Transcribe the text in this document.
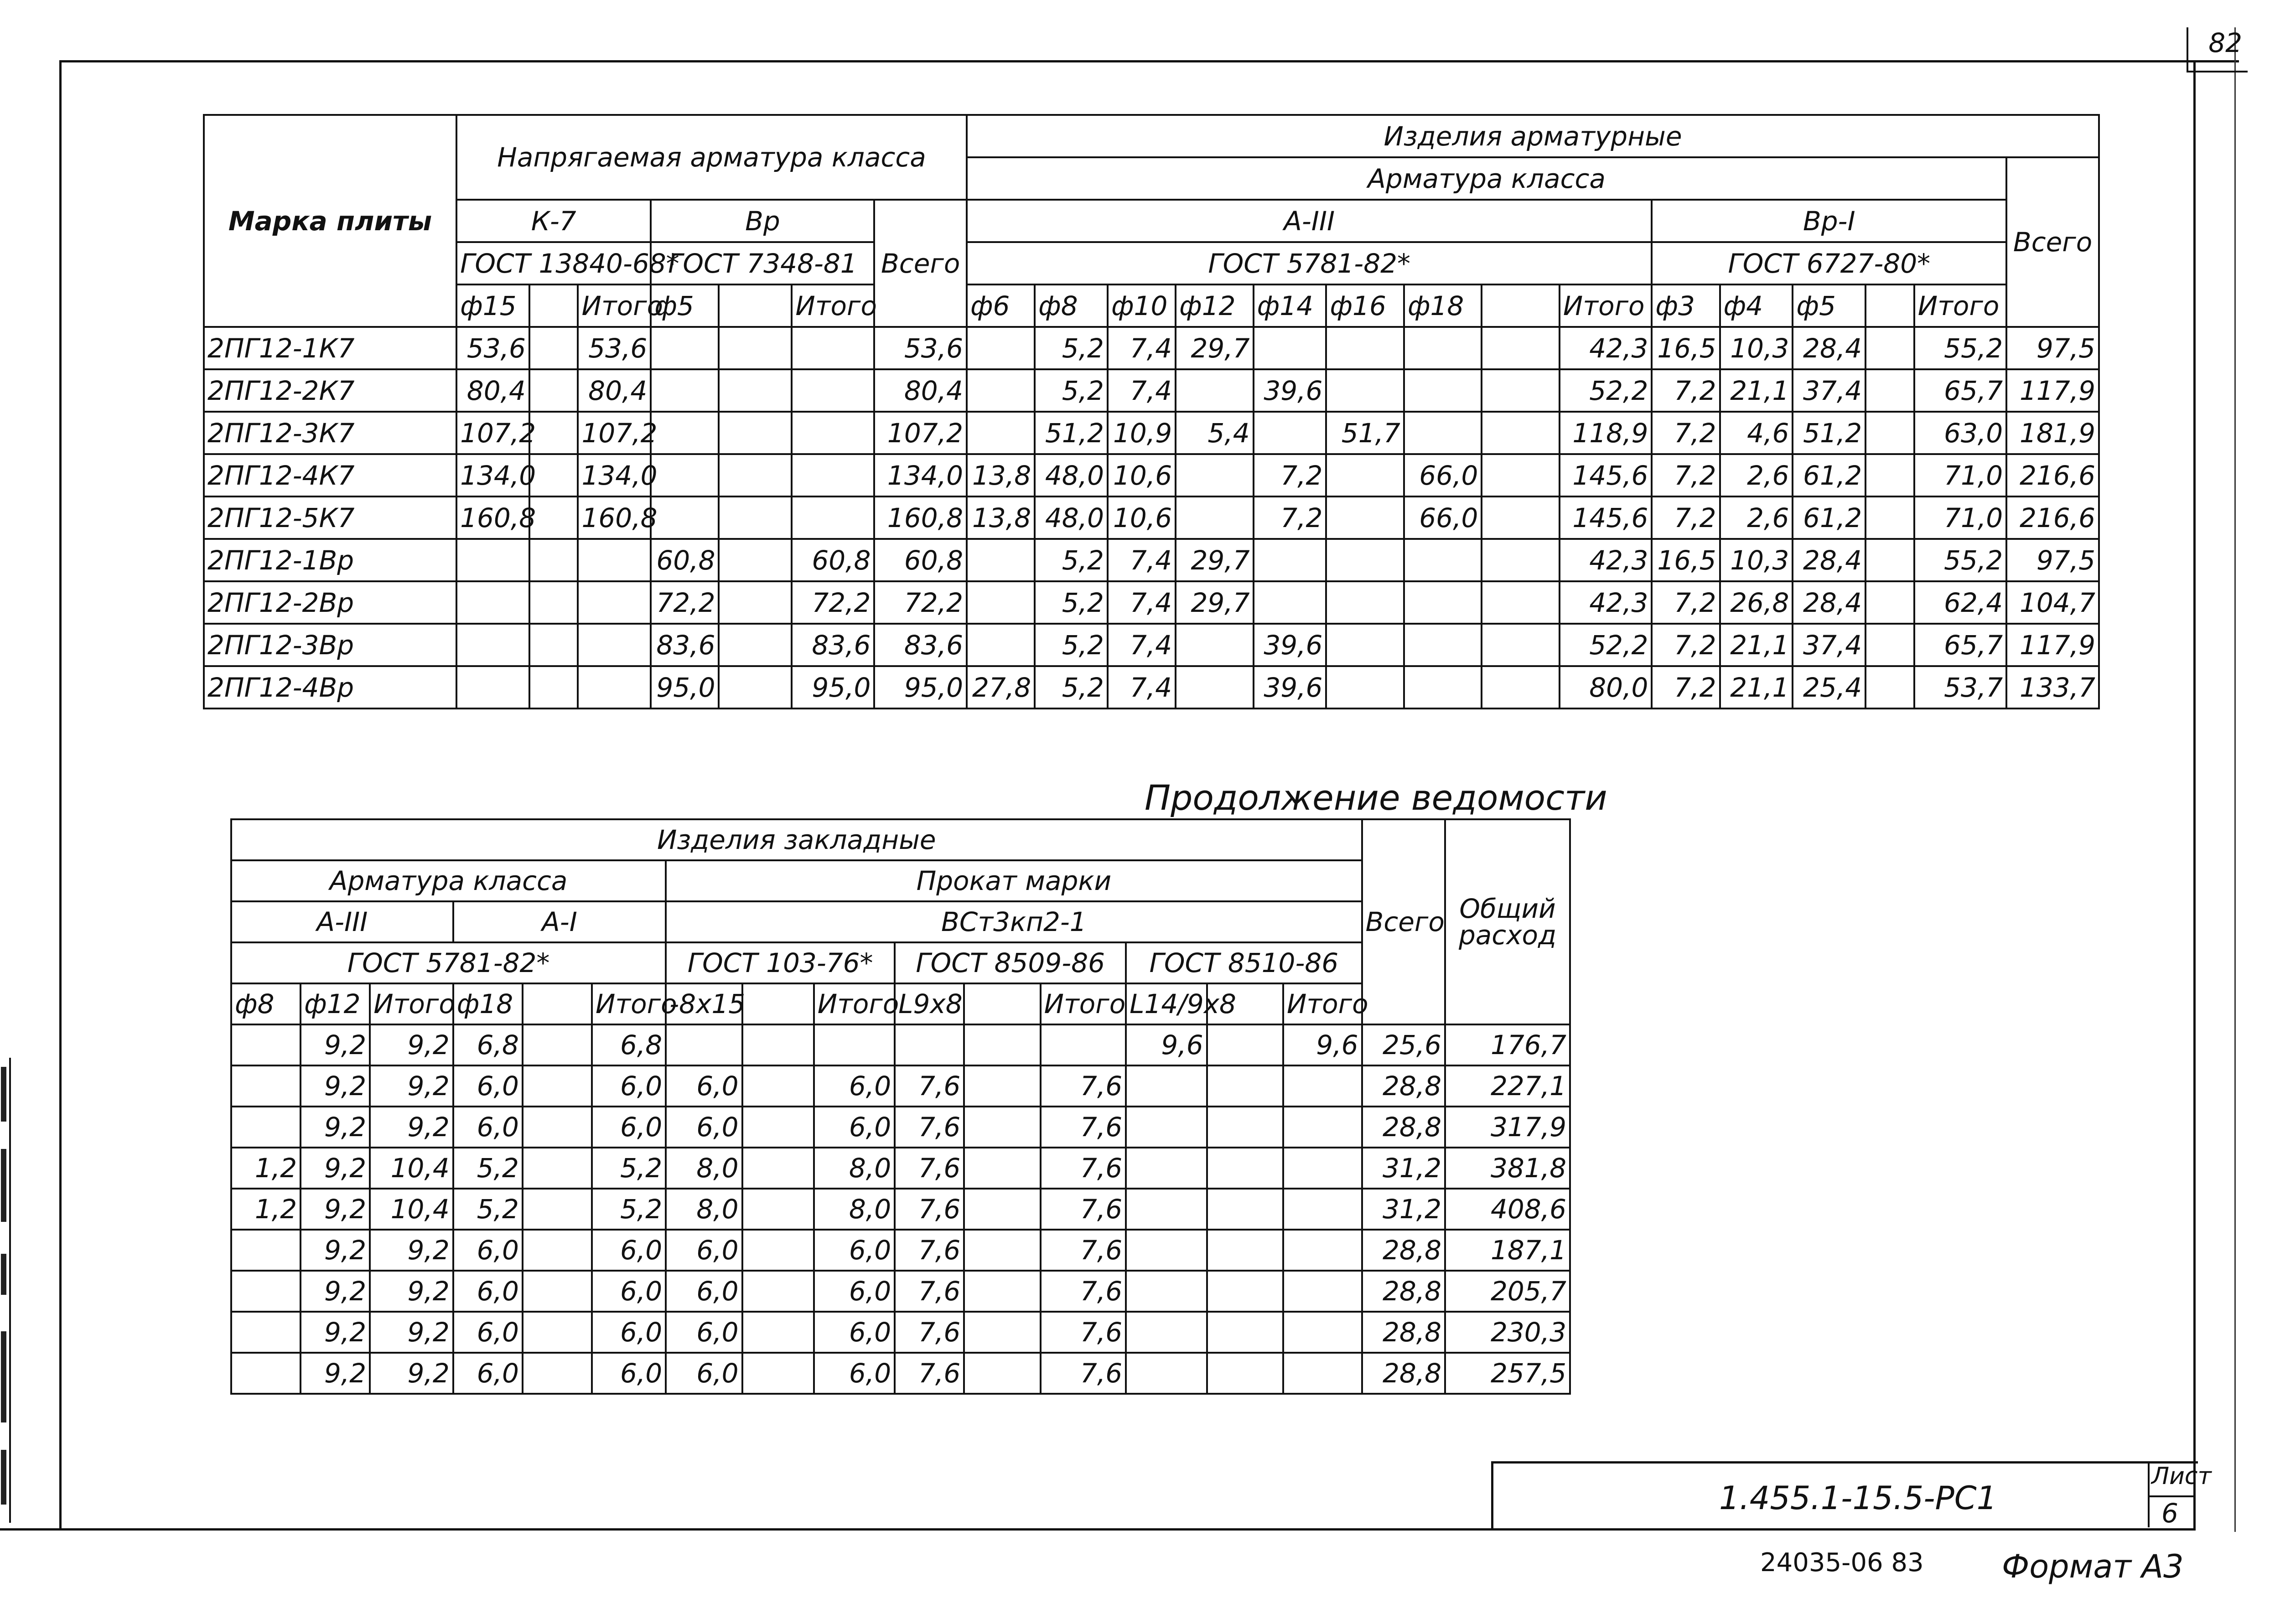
82
Марка плиты	Напрягаемая арматура класса							Изделия арматурные														
								Арматура класса														Всего
	К-7			Вр			Всего	А-III									Вр-I					
	ГОСТ 13840-68*			ГОСТ 7348-81				ГОСТ 5781-82*									ГОСТ 6727-80*					
	ф15		Итого	ф5		Итого		ф6	ф8	ф10	ф12	ф14	ф16	ф18		Итого	ф3	ф4	ф5		Итого	
2ПГ12-1К7	53,6		53,6				53,6		5,2	7,4	29,7					42,3	16,5	10,3	28,4		55,2	97,5
2ПГ12-2К7	80,4		80,4				80,4		5,2	7,4		39,6				52,2	7,2	21,1	37,4		65,7	117,9
2ПГ12-3К7	107,2		107,2				107,2		51,2	10,9	5,4		51,7			118,9	7,2	4,6	51,2		63,0	181,9
2ПГ12-4К7	134,0		134,0				134,0	13,8	48,0	10,6		7,2		66,0		145,6	7,2	2,6	61,2		71,0	216,6
2ПГ12-5К7	160,8		160,8				160,8	13,8	48,0	10,6		7,2		66,0		145,6	7,2	2,6	61,2		71,0	216,6
2ПГ12-1Вр				60,8		60,8	60,8		5,2	7,4	29,7					42,3	16,5	10,3	28,4		55,2	97,5
2ПГ12-2Вр				72,2		72,2	72,2		5,2	7,4	29,7					42,3	7,2	26,8	28,4		62,4	104,7
2ПГ12-3Вр				83,6		83,6	83,6		5,2	7,4		39,6				52,2	7,2	21,1	37,4		65,7	117,9
2ПГ12-4Вр				95,0		95,0	95,0	27,8	5,2	7,4		39,6				80,0	7,2	21,1	25,4		53,7	133,7
Продолжение ведомости
Изделия закладные															Всего	Общий расход
Арматура класса						Прокат марки										
А-III			А-I			ВСт3кп2-1										
ГОСТ 5781-82*						ГОСТ 103-76*			ГОСТ 8509-86			ГОСТ 8510-86				
ф8	ф12	Итого	ф18		Итого	-8х15		Итого	L9х8		Итого	L14/9х8		Итого		
	9,2	9,2	6,8		6,8							9,6		9,6	25,6	176,7
	9,2	9,2	6,0		6,0	6,0		6,0	7,6		7,6				28,8	227,1
	9,2	9,2	6,0		6,0	6,0		6,0	7,6		7,6				28,8	317,9
1,2	9,2	10,4	5,2		5,2	8,0		8,0	7,6		7,6				31,2	381,8
1,2	9,2	10,4	5,2		5,2	8,0		8,0	7,6		7,6				31,2	408,6
	9,2	9,2	6,0		6,0	6,0		6,0	7,6		7,6				28,8	187,1
	9,2	9,2	6,0		6,0	6,0		6,0	7,6		7,6				28,8	205,7
	9,2	9,2	6,0		6,0	6,0		6,0	7,6		7,6				28,8	230,3
	9,2	9,2	6,0		6,0	6,0		6,0	7,6		7,6				28,8	257,5
1.455.1-15.5-РС1
Лист
6
24035-06 83 Формат А3
